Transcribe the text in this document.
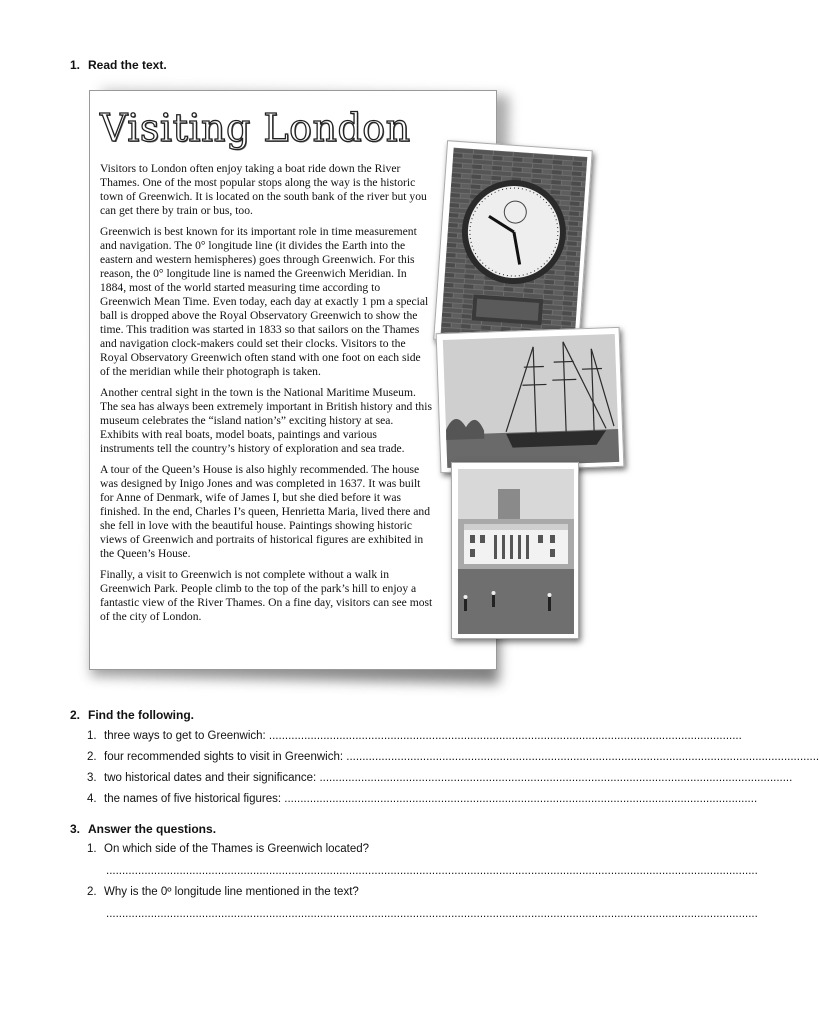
1. Read the text.
Visiting London

Visitors to London often enjoy taking a boat ride down the River Thames. One of the most popular stops along the way is the historic town of Greenwich. It is located on the south bank of the river but you can get there by train or bus, too.

Greenwich is best known for its important role in time measurement and navigation. The 0° longitude line (it divides the Earth into the eastern and western hemispheres) goes through Greenwich. For this reason, the 0° longitude line is named the Greenwich Meridian. In 1884, most of the world started measuring time according to Greenwich Mean Time. Even today, each day at exactly 1 pm a special ball is dropped above the Royal Observatory Greenwich to show the time. This tradition was started in 1833 so that sailors on the Thames and navigation clock-makers could set their clocks. Visitors to the Royal Observatory Greenwich often stand with one foot on each side of the meridian while their photograph is taken.

Another central sight in the town is the National Maritime Museum. The sea has always been extremely important in British history and this museum celebrates the “island nation’s” exciting history at sea. Exhibits with real boats, model boats, paintings and various instruments tell the country’s history of exploration and sea trade.

A tour of the Queen’s House is also highly recommended. The house was designed by Inigo Jones and was completed in 1637. It was built for Anne of Denmark, wife of James I, but she died before it was finished. In the end, Charles I’s queen, Henrietta Maria, lived there and she fell in love with the beautiful house. Paintings showing historic views of Greenwich and portraits of historical figures are exhibited in the Queen’s House.

Finally, a visit to Greenwich is not complete without a walk in Greenwich Park. People climb to the top of the park’s hill to enjoy a fantastic view of the River Thames. On a fine day, visitors can see most of the city of London.

2. Find the following.
1. three ways to get to Greenwich: ....................................................................................................................................................
2. four recommended sights to visit in Greenwich: ....................................................................................................................................................
3. two historical dates and their significance: ....................................................................................................................................................
4. the names of five historical figures: ....................................................................................................................................................
3. Answer the questions.
1. On which side of the Thames is Greenwich located?
............................................................................................................................................................................................................
2. Why is the 0º longitude line mentioned in the text?
............................................................................................................................................................................................................
